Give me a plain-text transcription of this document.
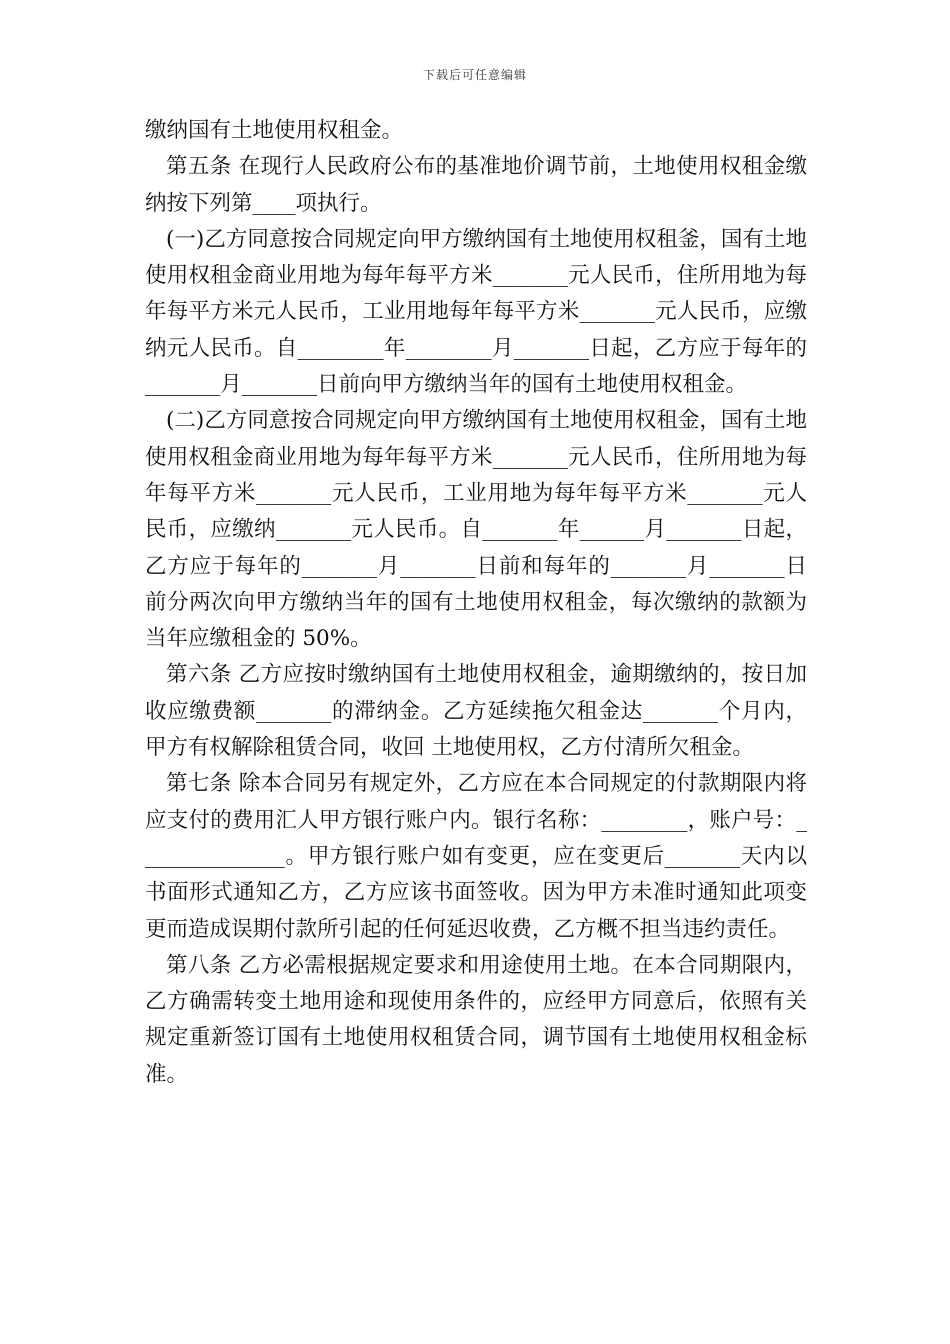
下载后可任意编辑

缴纳国有土地使用权租金。

第五条 在现行人民政府公布的基准地价调节前，土地使用权租金缴纳按下列第____项执行。

(一)乙方同意按合同规定向甲方缴纳国有土地使用权租釜，国有土地使用权租金商业用地为每年每平方米_______元人民币，住所用地为每年每平方米元人民币，工业用地每年每平方米_______元人民币，应缴纳元人民币。自________年________月_______日起，乙方应于每年的_______月_______日前向甲方缴纳当年的国有土地使用权租金。

(二)乙方同意按合同规定向甲方缴纳国有土地使用权租金，国有土地使用权租金商业用地为每年每平方米_______元人民币，住所用地为每年每平方米_______元人民币，工业用地为每年每平方米_______元人民币，应缴纳_______元人民币。自_______年______月_______日起，乙方应于每年的_______月_______日前和每年的_______月_______日前分两次向甲方缴纳当年的国有土地使用权租金，每次缴纳的款额为当年应缴租金的 50%。

第六条 乙方应按时缴纳国有土地使用权租金，逾期缴纳的，按日加收应缴费额_______的滞纳金。乙方延续拖欠租金达_______个月内，甲方有权解除租赁合同，收回 土地使用权，乙方付清所欠租金。

第七条 除本合同另有规定外，乙方应在本合同规定的付款期限内将应支付的费用汇人甲方银行账户内。银行名称：________，账户号：______________。甲方银行账户如有变更，应在变更后_______天内以书面形式通知乙方，乙方应该书面签收。因为甲方未准时通知此项变更而造成误期付款所引起的任何延迟收费，乙方概不担当违约责任。

第八条 乙方必需根据规定要求和用途使用土地。在本合同期限内，乙方确需转变土地用途和现使用条件的，应经甲方同意后，依照有关规定重新签订国有土地使用权租赁合同，调节国有土地使用权租金标准。
